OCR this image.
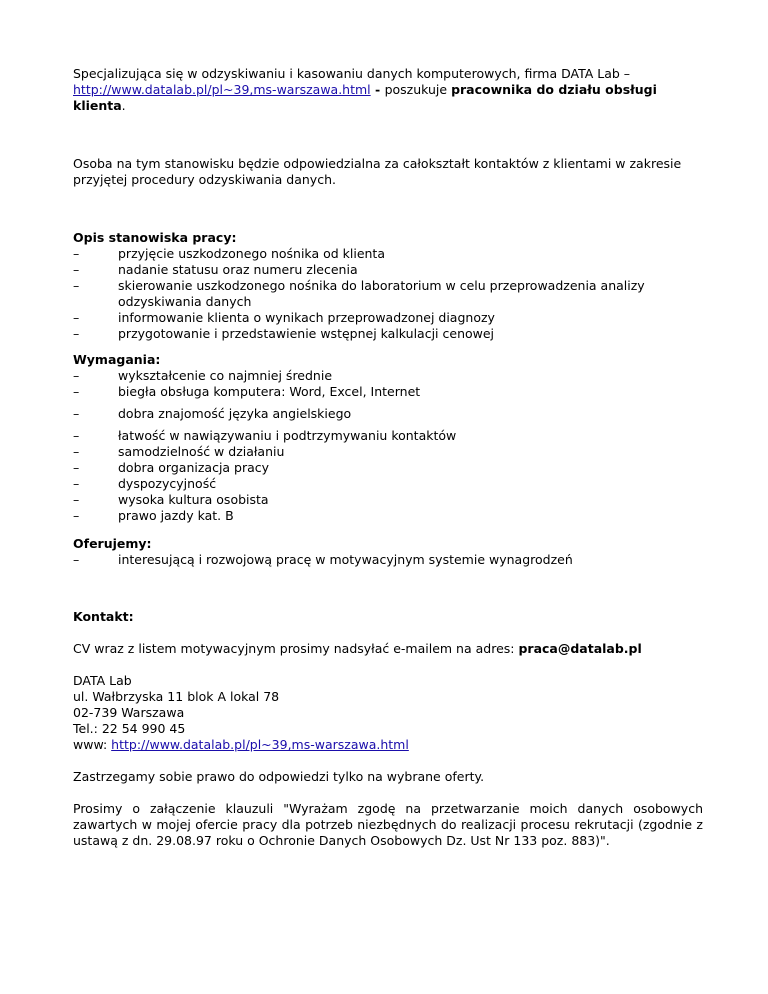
Specjalizująca się w odzyskiwaniu i kasowaniu danych komputerowych, firma DATA Lab –
http://www.datalab.pl/pl~39,ms-warszawa.html - poszukuje pracownika do działu obsługi klienta.

Osoba na tym stanowisku będzie odpowiedzialna za całokształt kontaktów z klientami w zakresie przyjętej procedury odzyskiwania danych.

Opis stanowiska pracy:

–	przyjęcie uszkodzonego nośnika od klienta
–	nadanie statusu oraz numeru zlecenia
–	skierowanie uszkodzonego nośnika do laboratorium w celu przeprowadzenia analizy odzyskiwania danych
–	informowanie klienta o wynikach przeprowadzonej diagnozy
–	przygotowanie i przedstawienie wstępnej kalkulacji cenowej

Wymagania:

–	wykształcenie co najmniej średnie
–	biegła obsługa komputera: Word, Excel, Internet
–	dobra znajomość języka angielskiego
–	łatwość w nawiązywaniu i podtrzymywaniu kontaktów
–	samodzielność w działaniu
–	dobra organizacja pracy
–	dyspozycyjność
–	wysoka kultura osobista
–	prawo jazdy kat. B

Oferujemy:

–	interesującą i rozwojową pracę w motywacyjnym systemie wynagrodzeń

Kontakt:

CV wraz z listem motywacyjnym prosimy nadsyłać e-mailem na adres: praca@datalab.pl

DATA Lab
ul. Wałbrzyska 11 blok A lokal 78
02-739 Warszawa
Tel.: 22 54 990 45
www: http://www.datalab.pl/pl~39,ms-warszawa.html

Zastrzegamy sobie prawo do odpowiedzi tylko na wybrane oferty.

Prosimy o załączenie klauzuli "Wyrażam zgodę na przetwarzanie moich danych osobowych zawartych w mojej ofercie pracy dla potrzeb niezbędnych do realizacji procesu rekrutacji (zgodnie z ustawą z dn. 29.08.97 roku o Ochronie Danych Osobowych Dz. Ust Nr 133 poz. 883)".
